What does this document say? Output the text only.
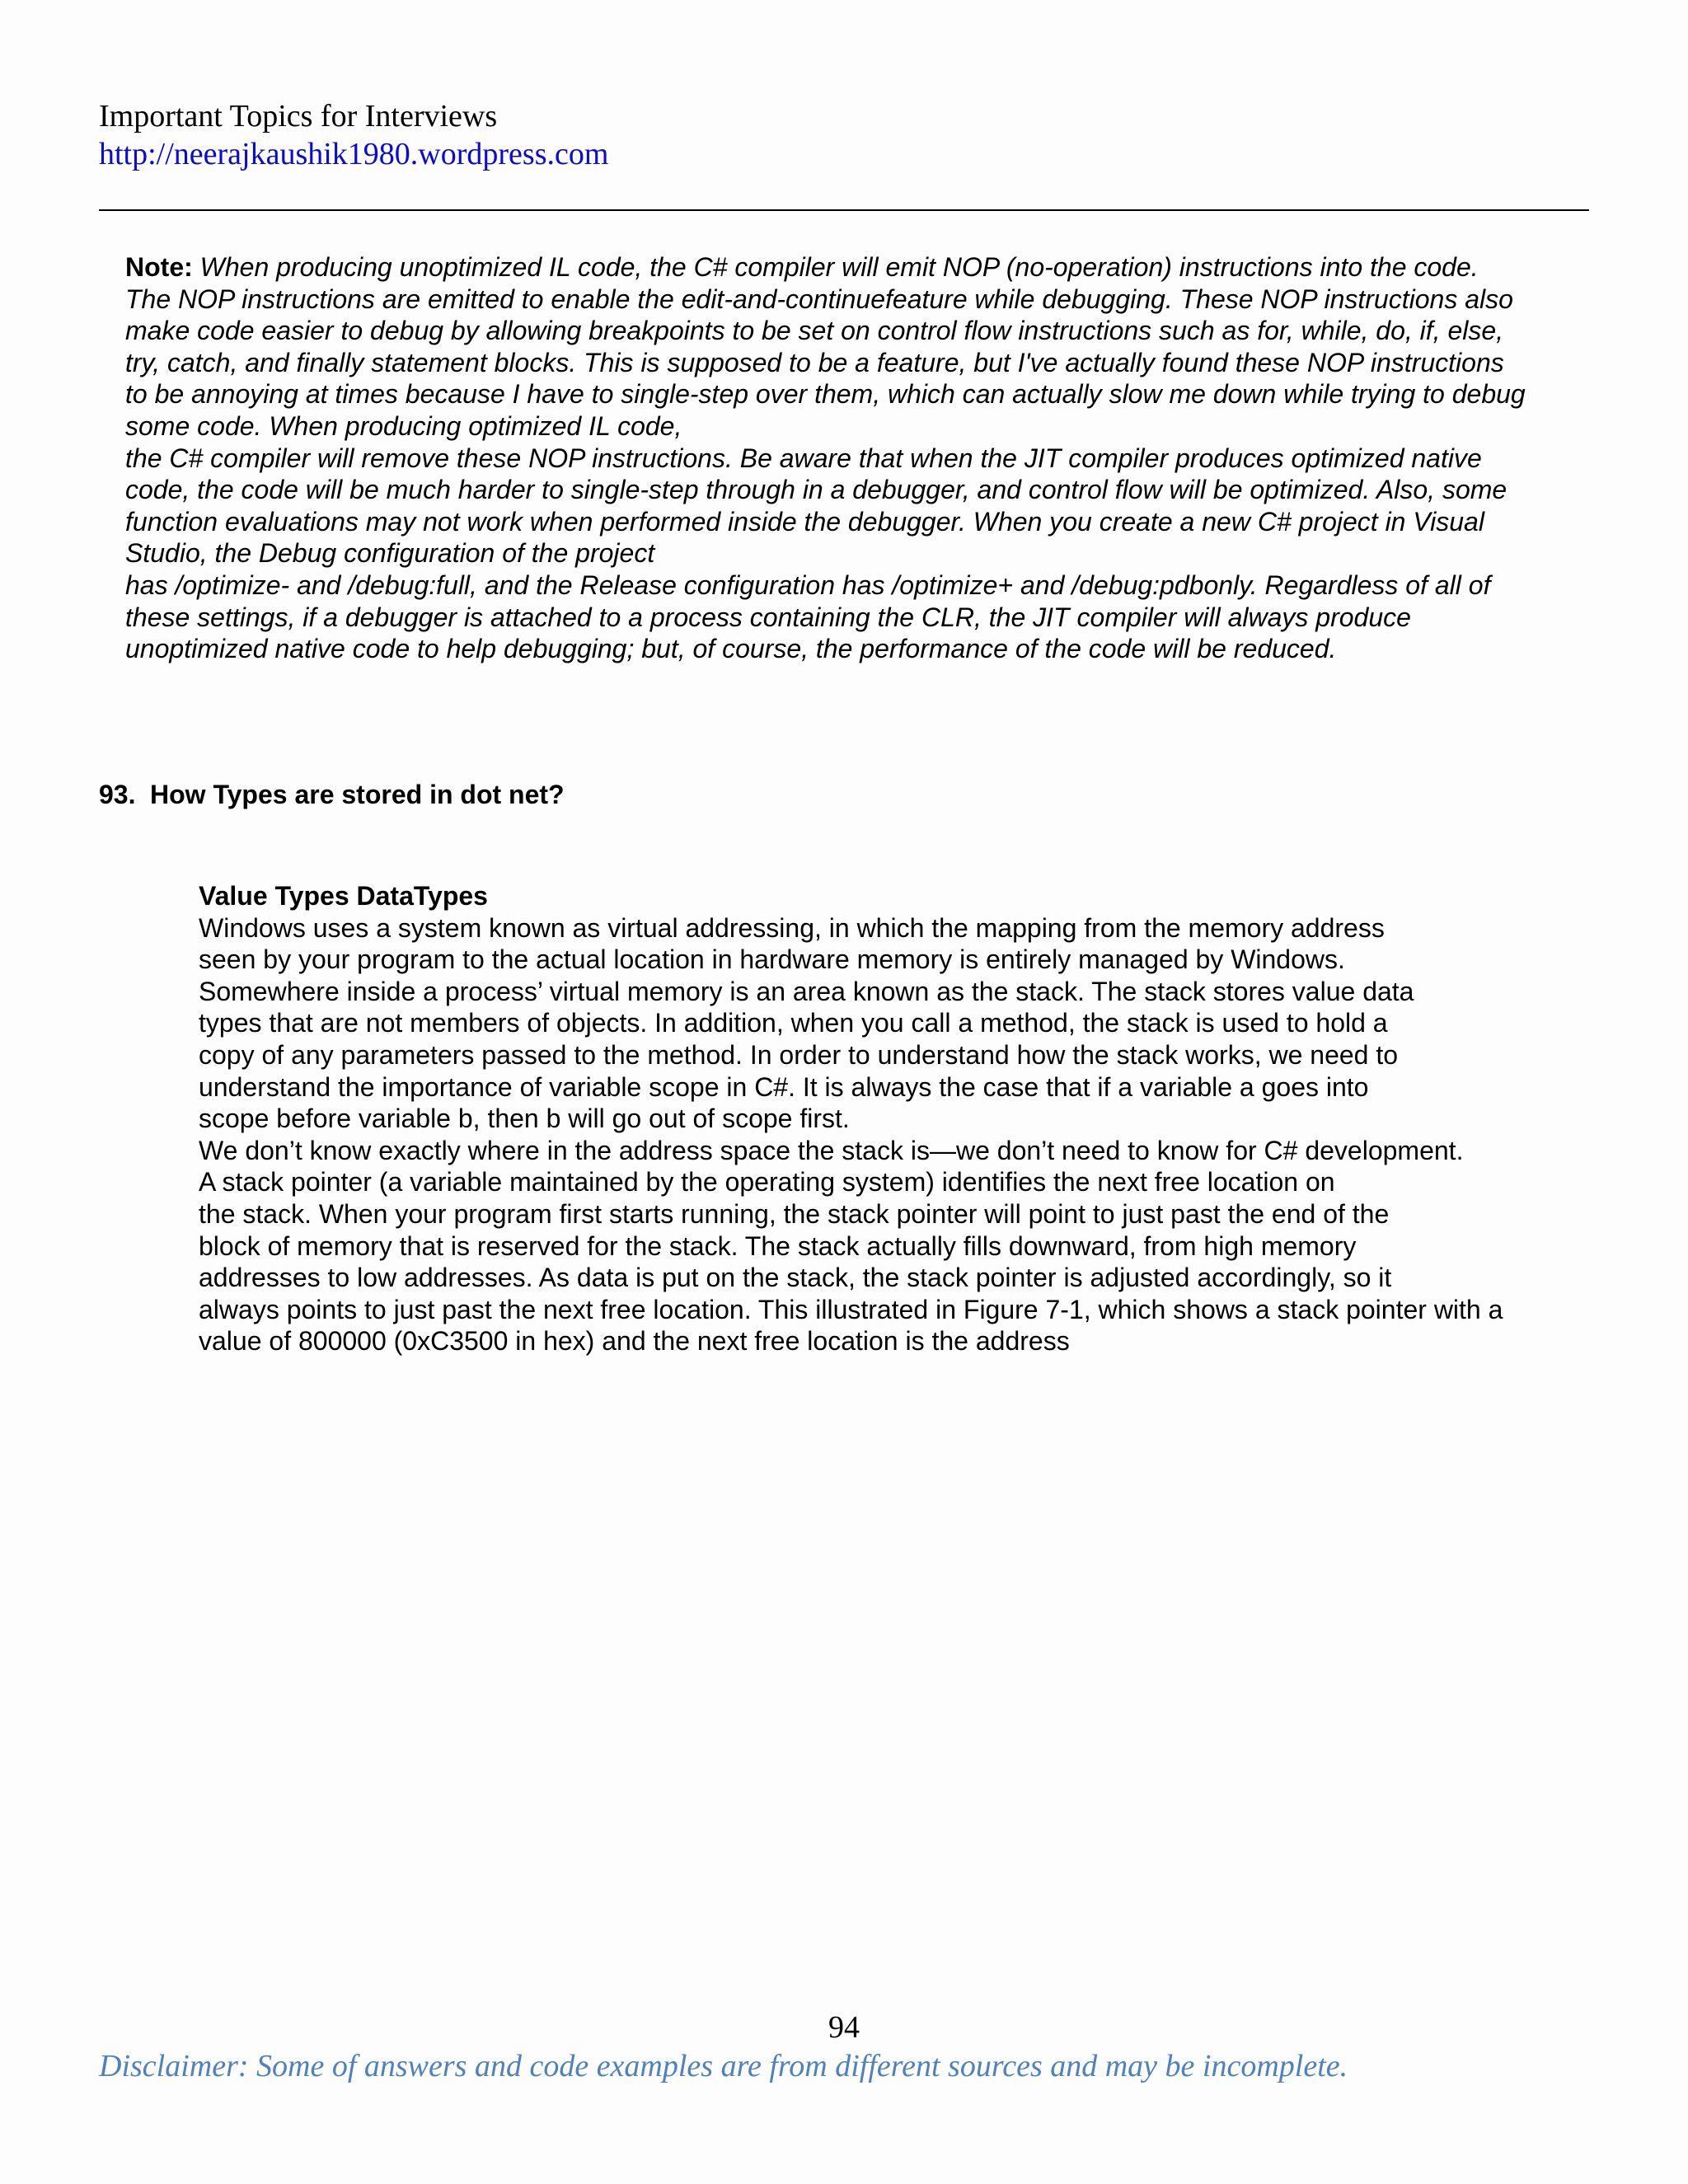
Important Topics for Interviews
http://neerajkaushik1980.wordpress.com
Note: When producing unoptimized IL code, the C# compiler will emit NOP (no-operation) instructions into the code.
The NOP instructions are emitted to enable the edit-and-continuefeature while debugging. These NOP instructions also
make code easier to debug by allowing breakpoints to be set on control flow instructions such as for, while, do, if, else,
try, catch, and finally statement blocks. This is supposed to be a feature, but I've actually found these NOP instructions
to be annoying at times because I have to single-step over them, which can actually slow me down while trying to debug
some code. When producing optimized IL code,
the C# compiler will remove these NOP instructions. Be aware that when the JIT compiler produces optimized native
code, the code will be much harder to single-step through in a debugger, and control flow will be optimized. Also, some
function evaluations may not work when performed inside the debugger. When you create a new C# project in Visual
Studio, the Debug configuration of the project
has /optimize- and /debug:full, and the Release configuration has /optimize+ and /debug:pdbonly. Regardless of all of
these settings, if a debugger is attached to a process containing the CLR, the JIT compiler will always produce
unoptimized native code to help debugging; but, of course, the performance of the code will be reduced.
93. How Types are stored in dot net?
Value Types DataTypes
Windows uses a system known as virtual addressing, in which the mapping from the memory address
seen by your program to the actual location in hardware memory is entirely managed by Windows.
Somewhere inside a process’ virtual memory is an area known as the stack. The stack stores value data
types that are not members of objects. In addition, when you call a method, the stack is used to hold a
copy of any parameters passed to the method. In order to understand how the stack works, we need to
understand the importance of variable scope in C#. It is always the case that if a variable a goes into
scope before variable b, then b will go out of scope first.
We don’t know exactly where in the address space the stack is—we don’t need to know for C# development.
A stack pointer (a variable maintained by the operating system) identifies the next free location on
the stack. When your program first starts running, the stack pointer will point to just past the end of the
block of memory that is reserved for the stack. The stack actually fills downward, from high memory
addresses to low addresses. As data is put on the stack, the stack pointer is adjusted accordingly, so it
always points to just past the next free location. This illustrated in Figure 7-1, which shows a stack pointer with a
value of 800000 (0xC3500 in hex) and the next free location is the address
94
Disclaimer: Some of answers and code examples are from different sources and may be incomplete.
